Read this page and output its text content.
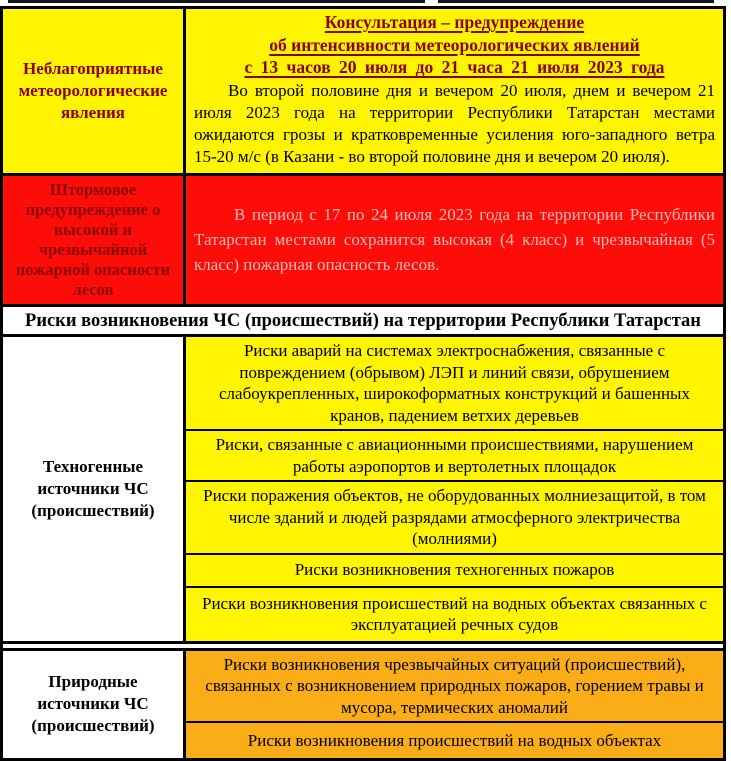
Неблагоприятные метеорологические явления
Консультация – предупреждение
об интенсивности метеорологических явлений
с 13 часов 20 июля до 21 часа 21 июля 2023 года

Во второй половине дня и вечером 20 июля, днем и вечером 21 июля 2023 года на территории Республики Татарстан местами ожидаются грозы и кратковременные усиления юго-западного ветра 15-20 м/с (в Казани - во второй половине дня и вечером 20 июля).

Штормовое предупреждение о высокой и чрезвычайной пожарной опасности лесов

В период с 17 по 24 июля 2023 года на территории Республики Татарстан местами сохранится высокая (4 класс) и чрезвычайная (5 класс) пожарная опасность лесов.

Риски возникновения ЧС (происшествий) на территории Республики Татарстан
Техногенные источники ЧС (происшествий)
Риски аварий на системах электроснабжения, связанные с повреждением (обрывом) ЛЭП и линий связи, обрушением слабоукрепленных, широкоформатных конструкций и башенных кранов, падением ветхих деревьев
Риски, связанные с авиационными происшествиями, нарушением работы аэропортов и вертолетных площадок
Риски поражения объектов, не оборудованных молниезащитой, в том числе зданий и людей разрядами атмосферного электричества (молниями)
Риски возникновения техногенных пожаров
Риски возникновения происшествий на водных объектах связанных с эксплуатацией речных судов
Природные источники ЧС (происшествий)
Риски возникновения чрезвычайных ситуаций (происшествий), связанных с возникновением природных пожаров, горением травы и мусора, термических аномалий
Риски возникновения происшествий на водных объектах
